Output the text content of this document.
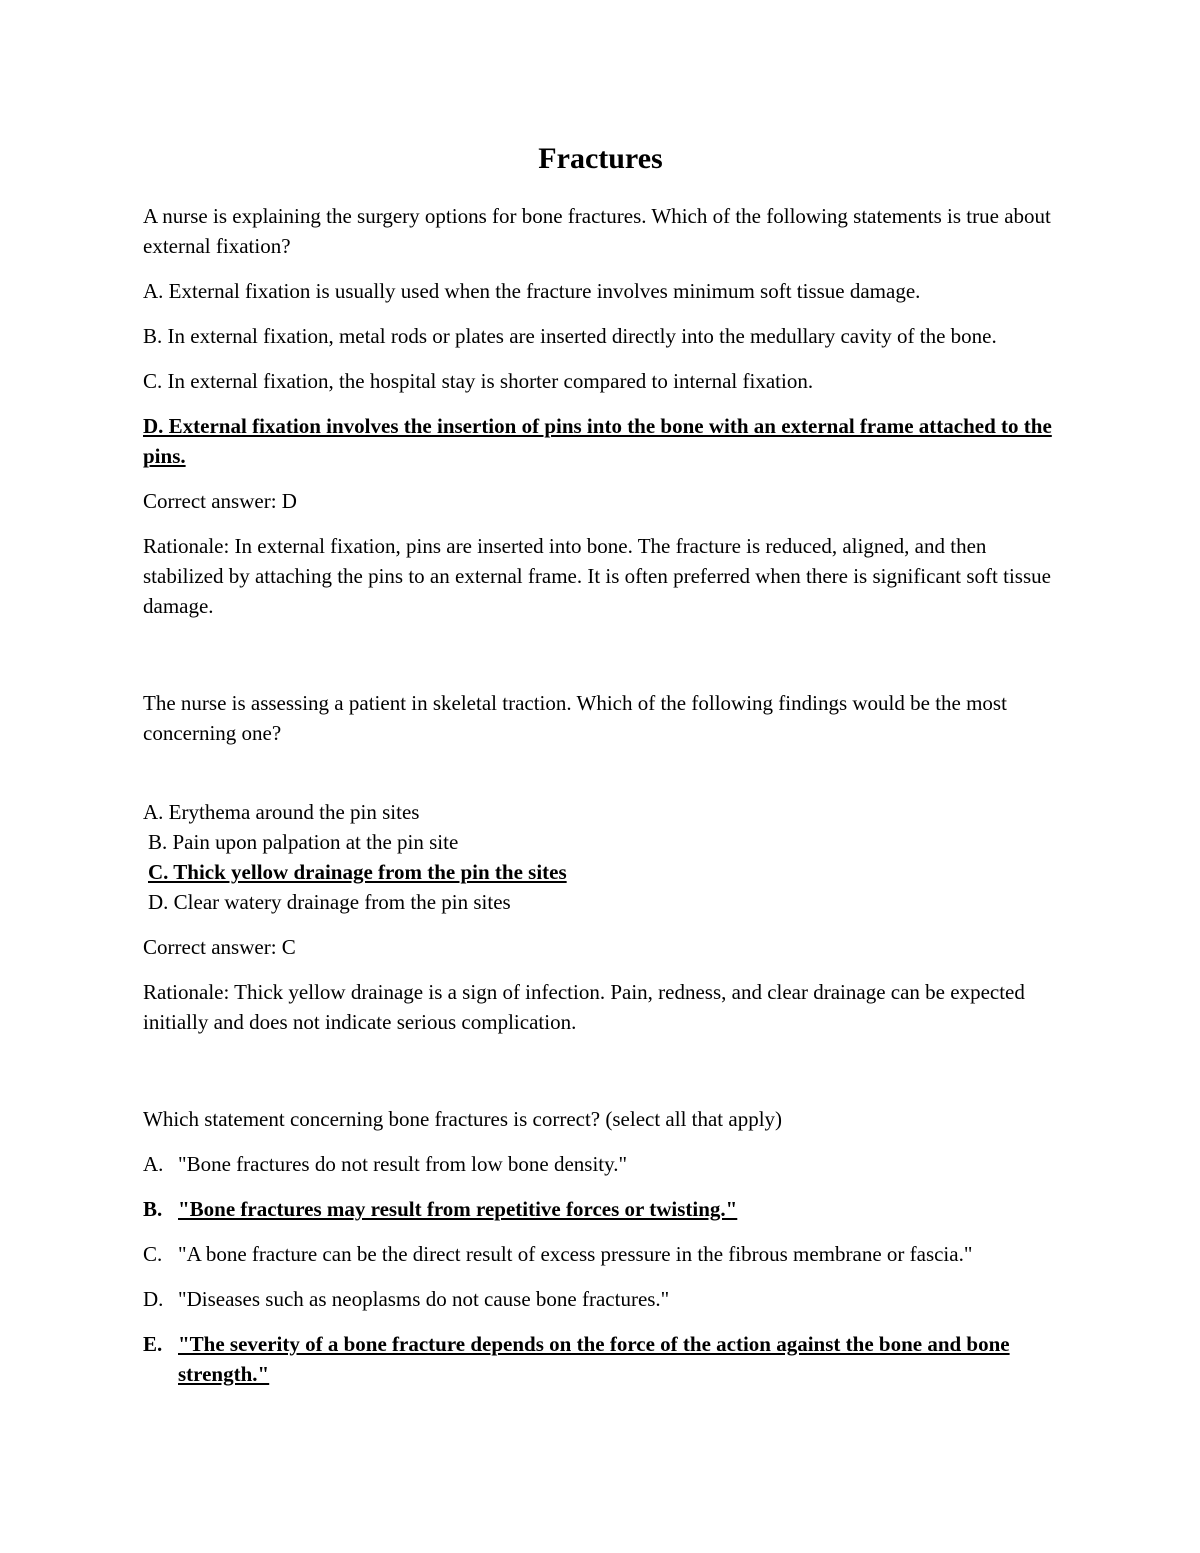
Fractures

A nurse is explaining the surgery options for bone fractures. Which of the following statements is true about external fixation?

A. External fixation is usually used when the fracture involves minimum soft tissue damage.

B. In external fixation, metal rods or plates are inserted directly into the medullary cavity of the bone.

C. In external fixation, the hospital stay is shorter compared to internal fixation.

D. External fixation involves the insertion of pins into the bone with an external frame attached to the pins.

Correct answer: D

Rationale: In external fixation, pins are inserted into bone. The fracture is reduced, aligned, and then stabilized by attaching the pins to an external frame. It is often preferred when there is significant soft tissue damage.

The nurse is assessing a patient in skeletal traction. Which of the following findings would be the most concerning one?

A. Erythema around the pin sites
B. Pain upon palpation at the pin site
C. Thick yellow drainage from the pin the sites
D. Clear watery drainage from the pin sites

Correct answer: C

Rationale: Thick yellow drainage is a sign of infection. Pain, redness, and clear drainage can be expected initially and does not indicate serious complication.

Which statement concerning bone fractures is correct? (select all that apply)

A. "Bone fractures do not result from low bone density."
B. "Bone fractures may result from repetitive forces or twisting."
C. "A bone fracture can be the direct result of excess pressure in the fibrous membrane or fascia."
D. "Diseases such as neoplasms do not cause bone fractures."
E. "The severity of a bone fracture depends on the force of the action against the bone and bone strength."
